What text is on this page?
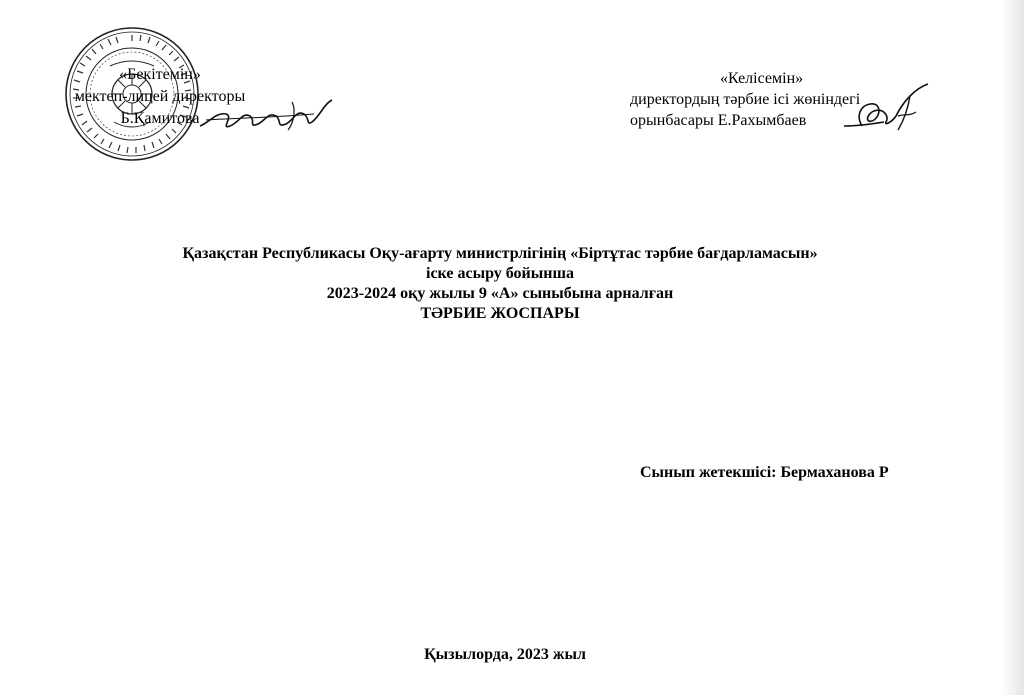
«Бекітемін»
мектеп-лицей директоры
Б.Қамитова
«Келісемін»
директордың тәрбие ісі жөніндегі
орынбасары Е.Рахымбаев
Қазақстан Республикасы Оқу-ағарту министрлігінің «Біртұтас тәрбие бағдарламасын»
іске асыру бойынша
2023-2024 оқу жылы 9 «А» сыныбына арналған
ТӘРБИЕ ЖОСПАРЫ
Сынып жетекшісі: Бермаханова Р
Қызылорда, 2023 жыл
